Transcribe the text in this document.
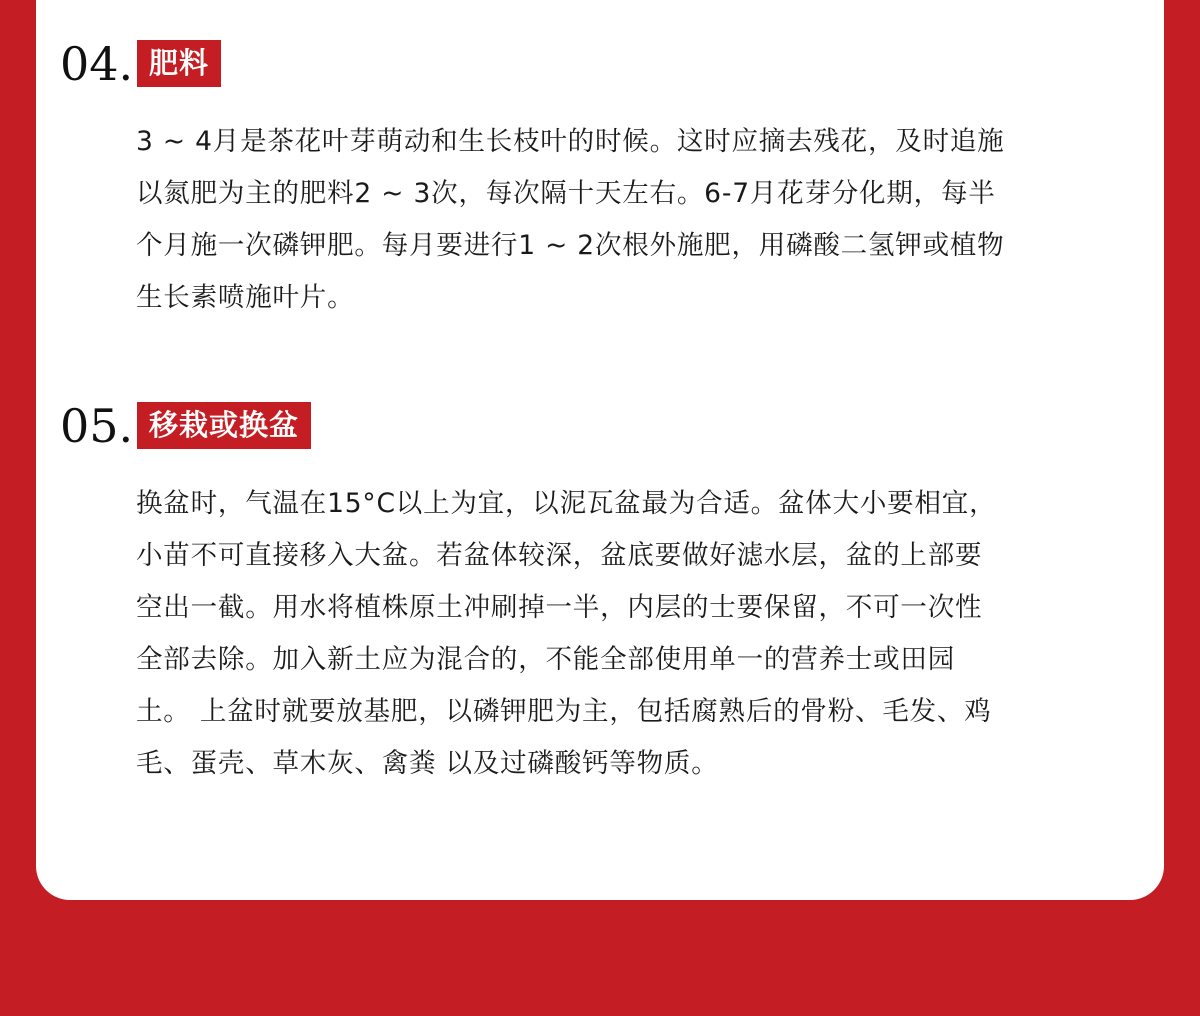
04. 肥料
3 ~ 4月是茶花叶芽萌动和生长枝叶的时候。这时应摘去残花，及时追施
以氮肥为主的肥料2 ~ 3次，每次隔十天左右。6-7月花芽分化期，每半
个月施一次磷钾肥。每月要进行1 ~ 2次根外施肥，用磷酸二氢钾或植物
生长素喷施叶片。
05. 移栽或换盆
换盆时，气温在15°C以上为宜，以泥瓦盆最为合适。盆体大小要相宜，
小苗不可直接移入大盆。若盆体较深，盆底要做好滤水层，盆的上部要
空出一截。用水将植株原土冲刷掉一半，内层的士要保留，不可一次性
全部去除。加入新土应为混合的，不能全部使用单一的营养士或田园
土。 上盆时就要放基肥，以磷钾肥为主，包括腐熟后的骨粉、毛发、鸡
毛、蛋壳、草木灰、禽粪 以及过磷酸钙等物质。
